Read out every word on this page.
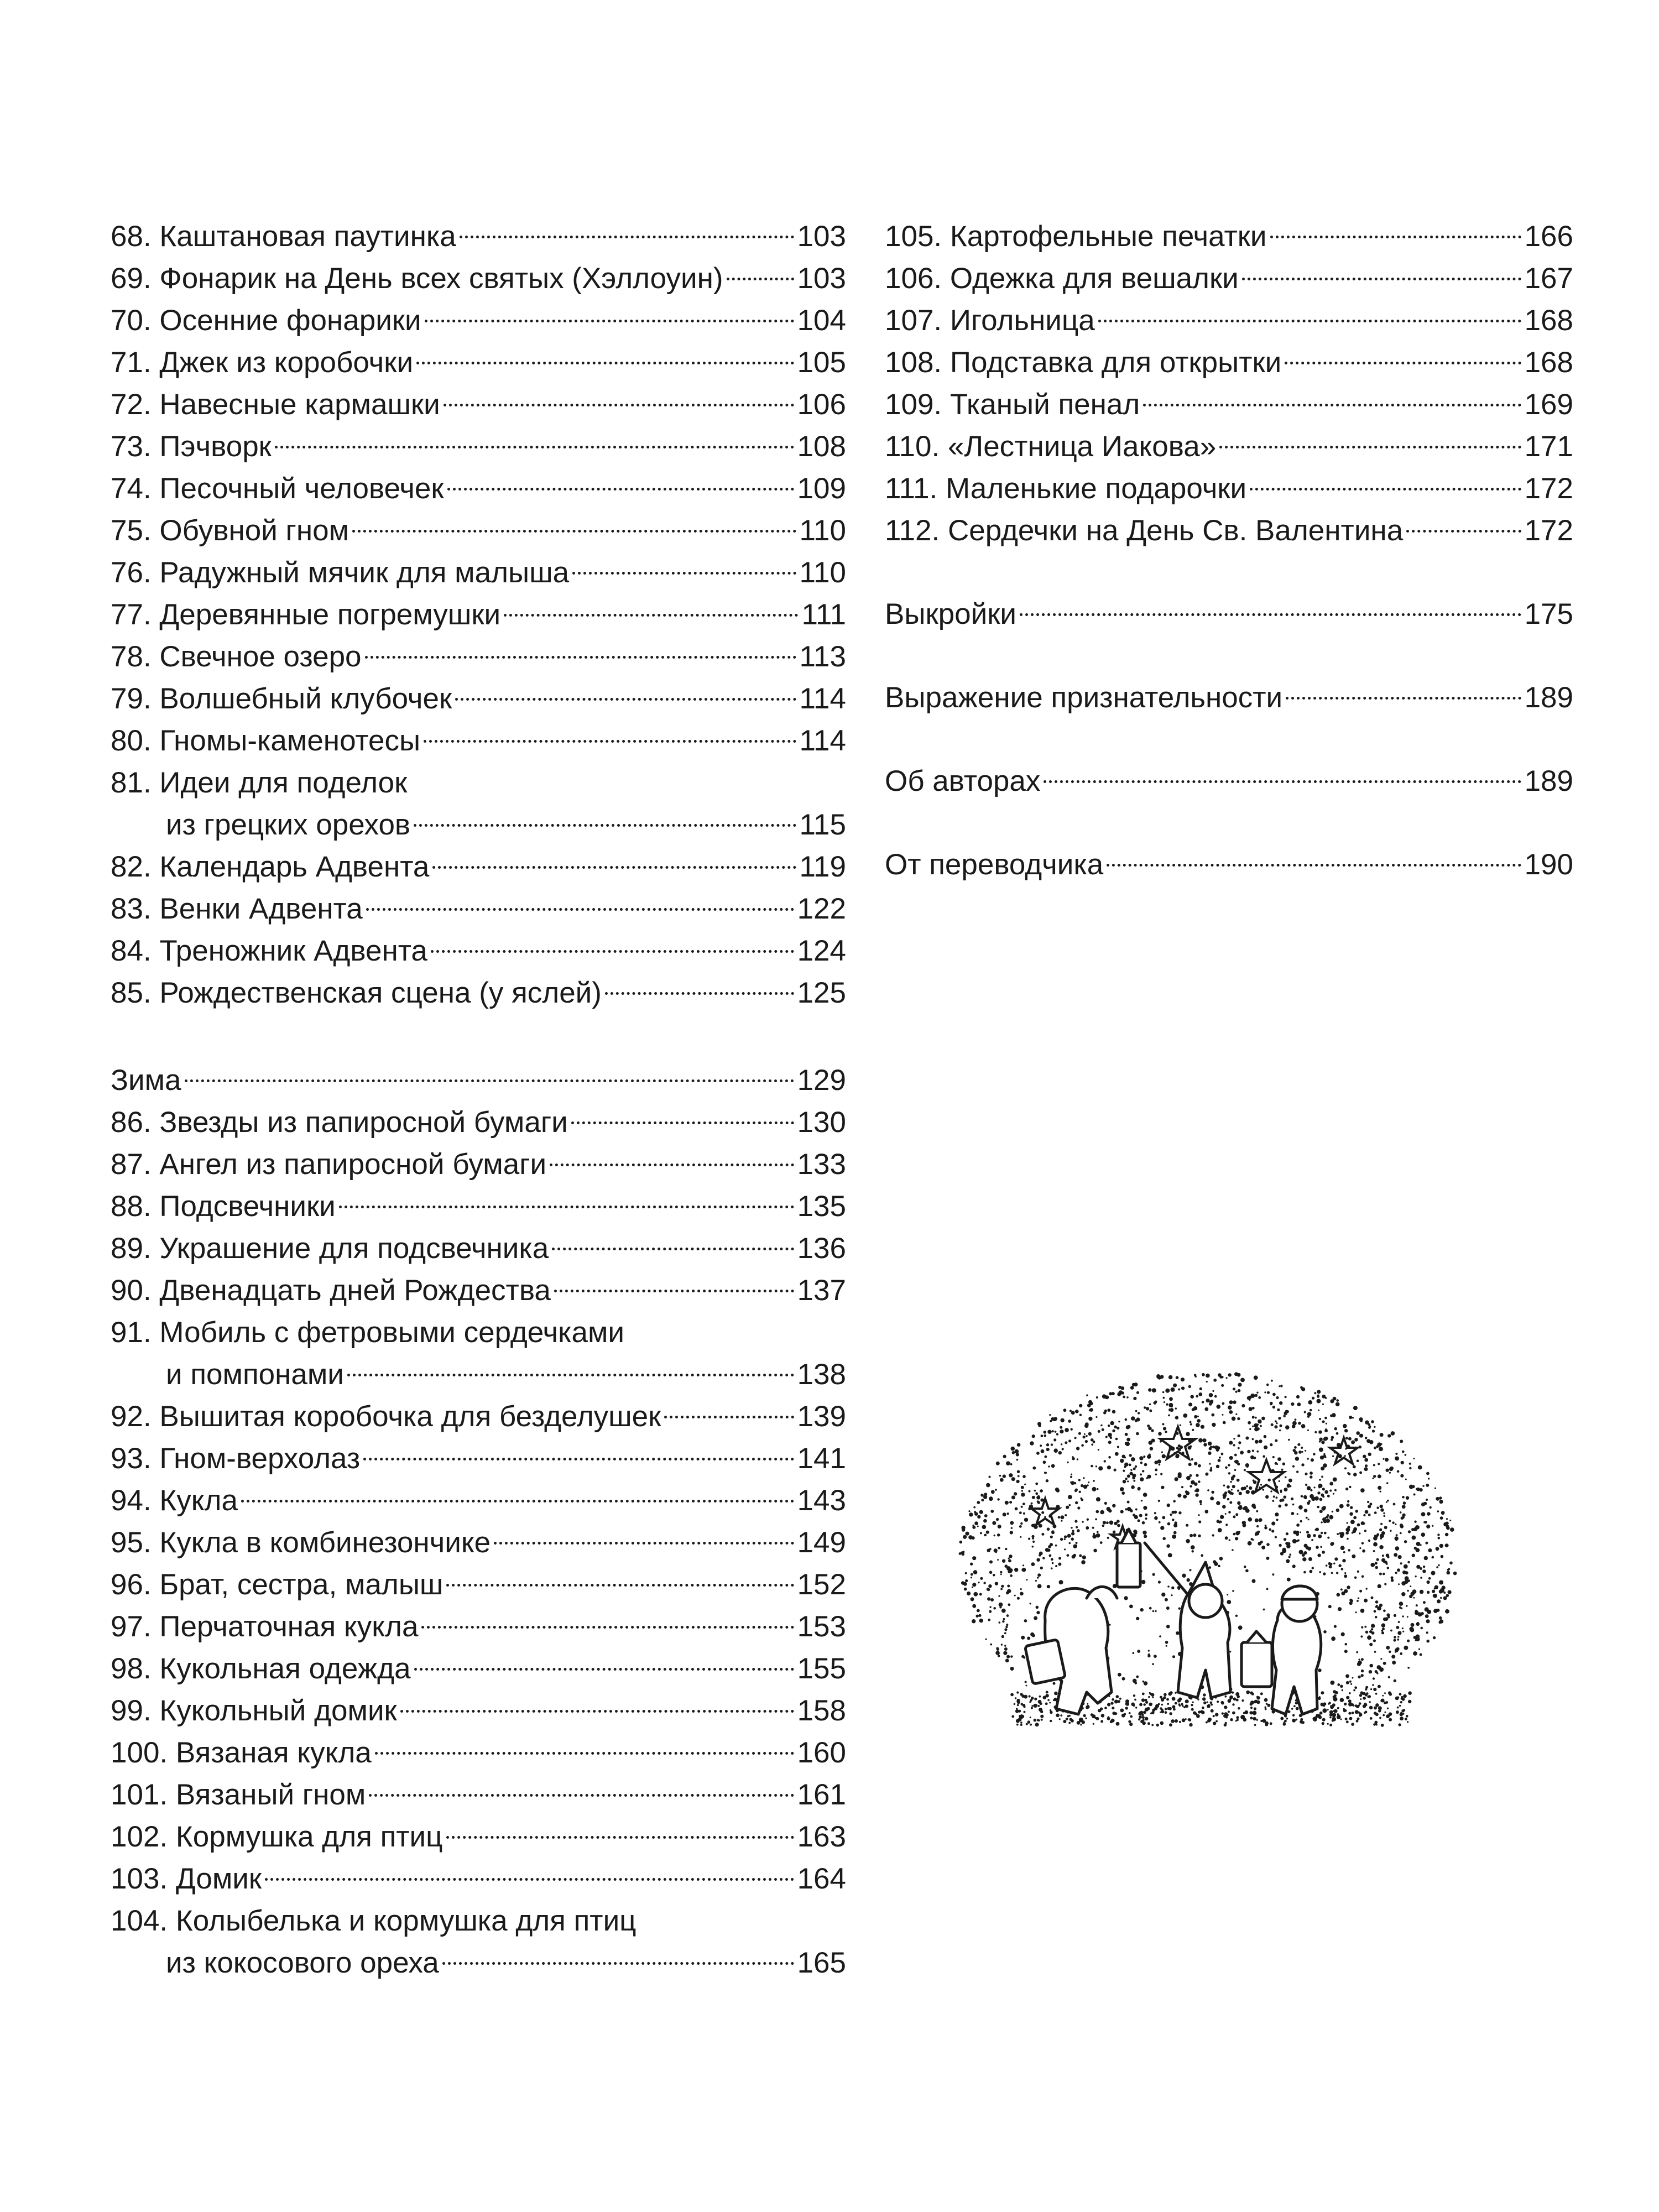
68. Каштановая паутинка	103
69. Фонарик на День всех святых (Хэллоуин)	103
70. Осенние фонарики	104
71. Джек из коробочки	105
72. Навесные кармашки	106
73. Пэчворк	108
74. Песочный человечек	109
75. Обувной гном	110
76. Радужный мячик для малыша	110
77. Деревянные погремушки	111
78. Свечное озеро	113
79. Волшебный клубочек	114
80. Гномы-каменотесы	114
81. Идеи для поделок
из грецких орехов	115
82. Календарь Адвента	119
83. Венки Адвента	122
84. Треножник Адвента	124
85. Рождественская сцена (у яслей)	125
Зима	129
86. Звезды из папиросной бумаги	130
87. Ангел из папиросной бумаги	133
88. Подсвечники	135
89. Украшение для подсвечника	136
90. Двенадцать дней Рождества	137
91. Мобиль с фетровыми сердечками
и помпонами	138
92. Вышитая коробочка для безделушек	139
93. Гном-верхолаз	141
94. Кукла	143
95. Кукла в комбинезончике	149
96. Брат, сестра, малыш	152
97. Перчаточная кукла	153
98. Кукольная одежда	155
99. Кукольный домик	158
100. Вязаная кукла	160
101. Вязаный гном	161
102. Кормушка для птиц	163
103. Домик	164
104. Колыбелька и кормушка для птиц
из кокосового ореха	165
105. Картофельные печатки	166
106. Одежка для вешалки	167
107. Игольница	168
108. Подставка для открытки	168
109. Тканый пенал	169
110. «Лестница Иакова»	171
111. Маленькие подарочки	172
112. Сердечки на День Св. Валентина	172
Выкройки	175
Выражение признательности	189
Об авторах	189
От переводчика	190
